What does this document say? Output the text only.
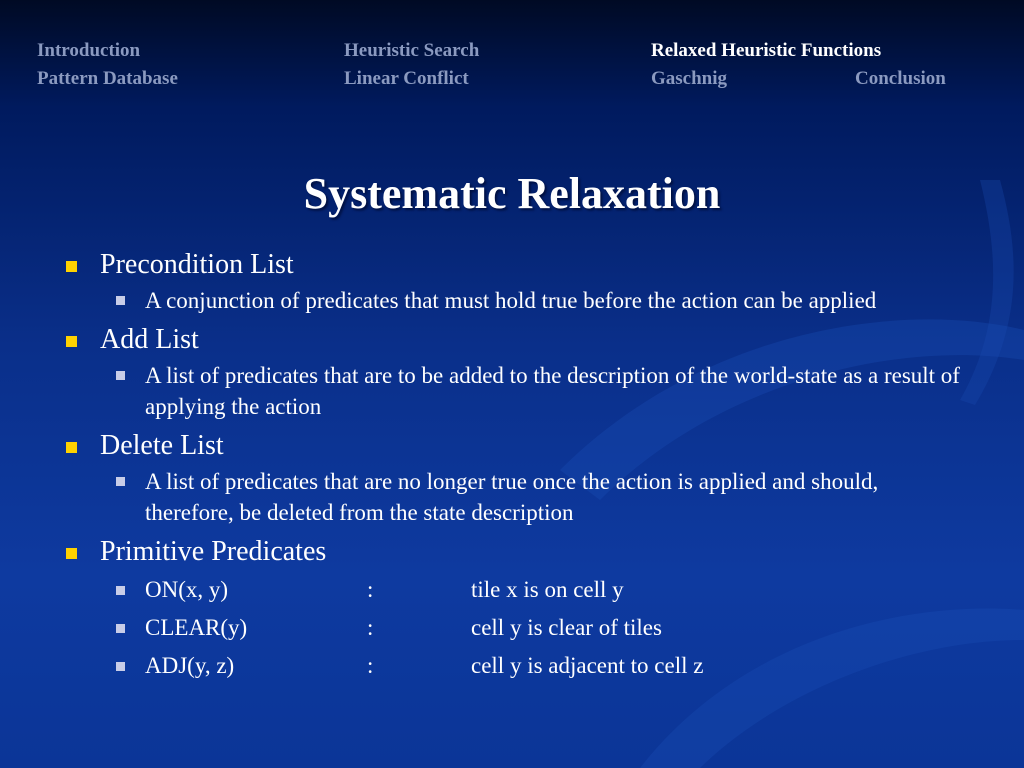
Introduction	Heuristic Search	Relaxed Heuristic Functions
Pattern Database	Linear Conflict	Gaschnig	Conclusion
Systematic Relaxation
Precondition List
A conjunction of predicates that must hold true before the action can be applied
Add List
A list of predicates that are to be added to the description of the world-state as a result of applying the action
Delete List
A list of predicates that are no longer true once the action is applied and should, therefore, be deleted from the state description
Primitive Predicates
ON(x, y)	:	tile x is on cell y
CLEAR(y)	:	cell y is clear of tiles
ADJ(y, z)	:	cell y is adjacent to cell z
